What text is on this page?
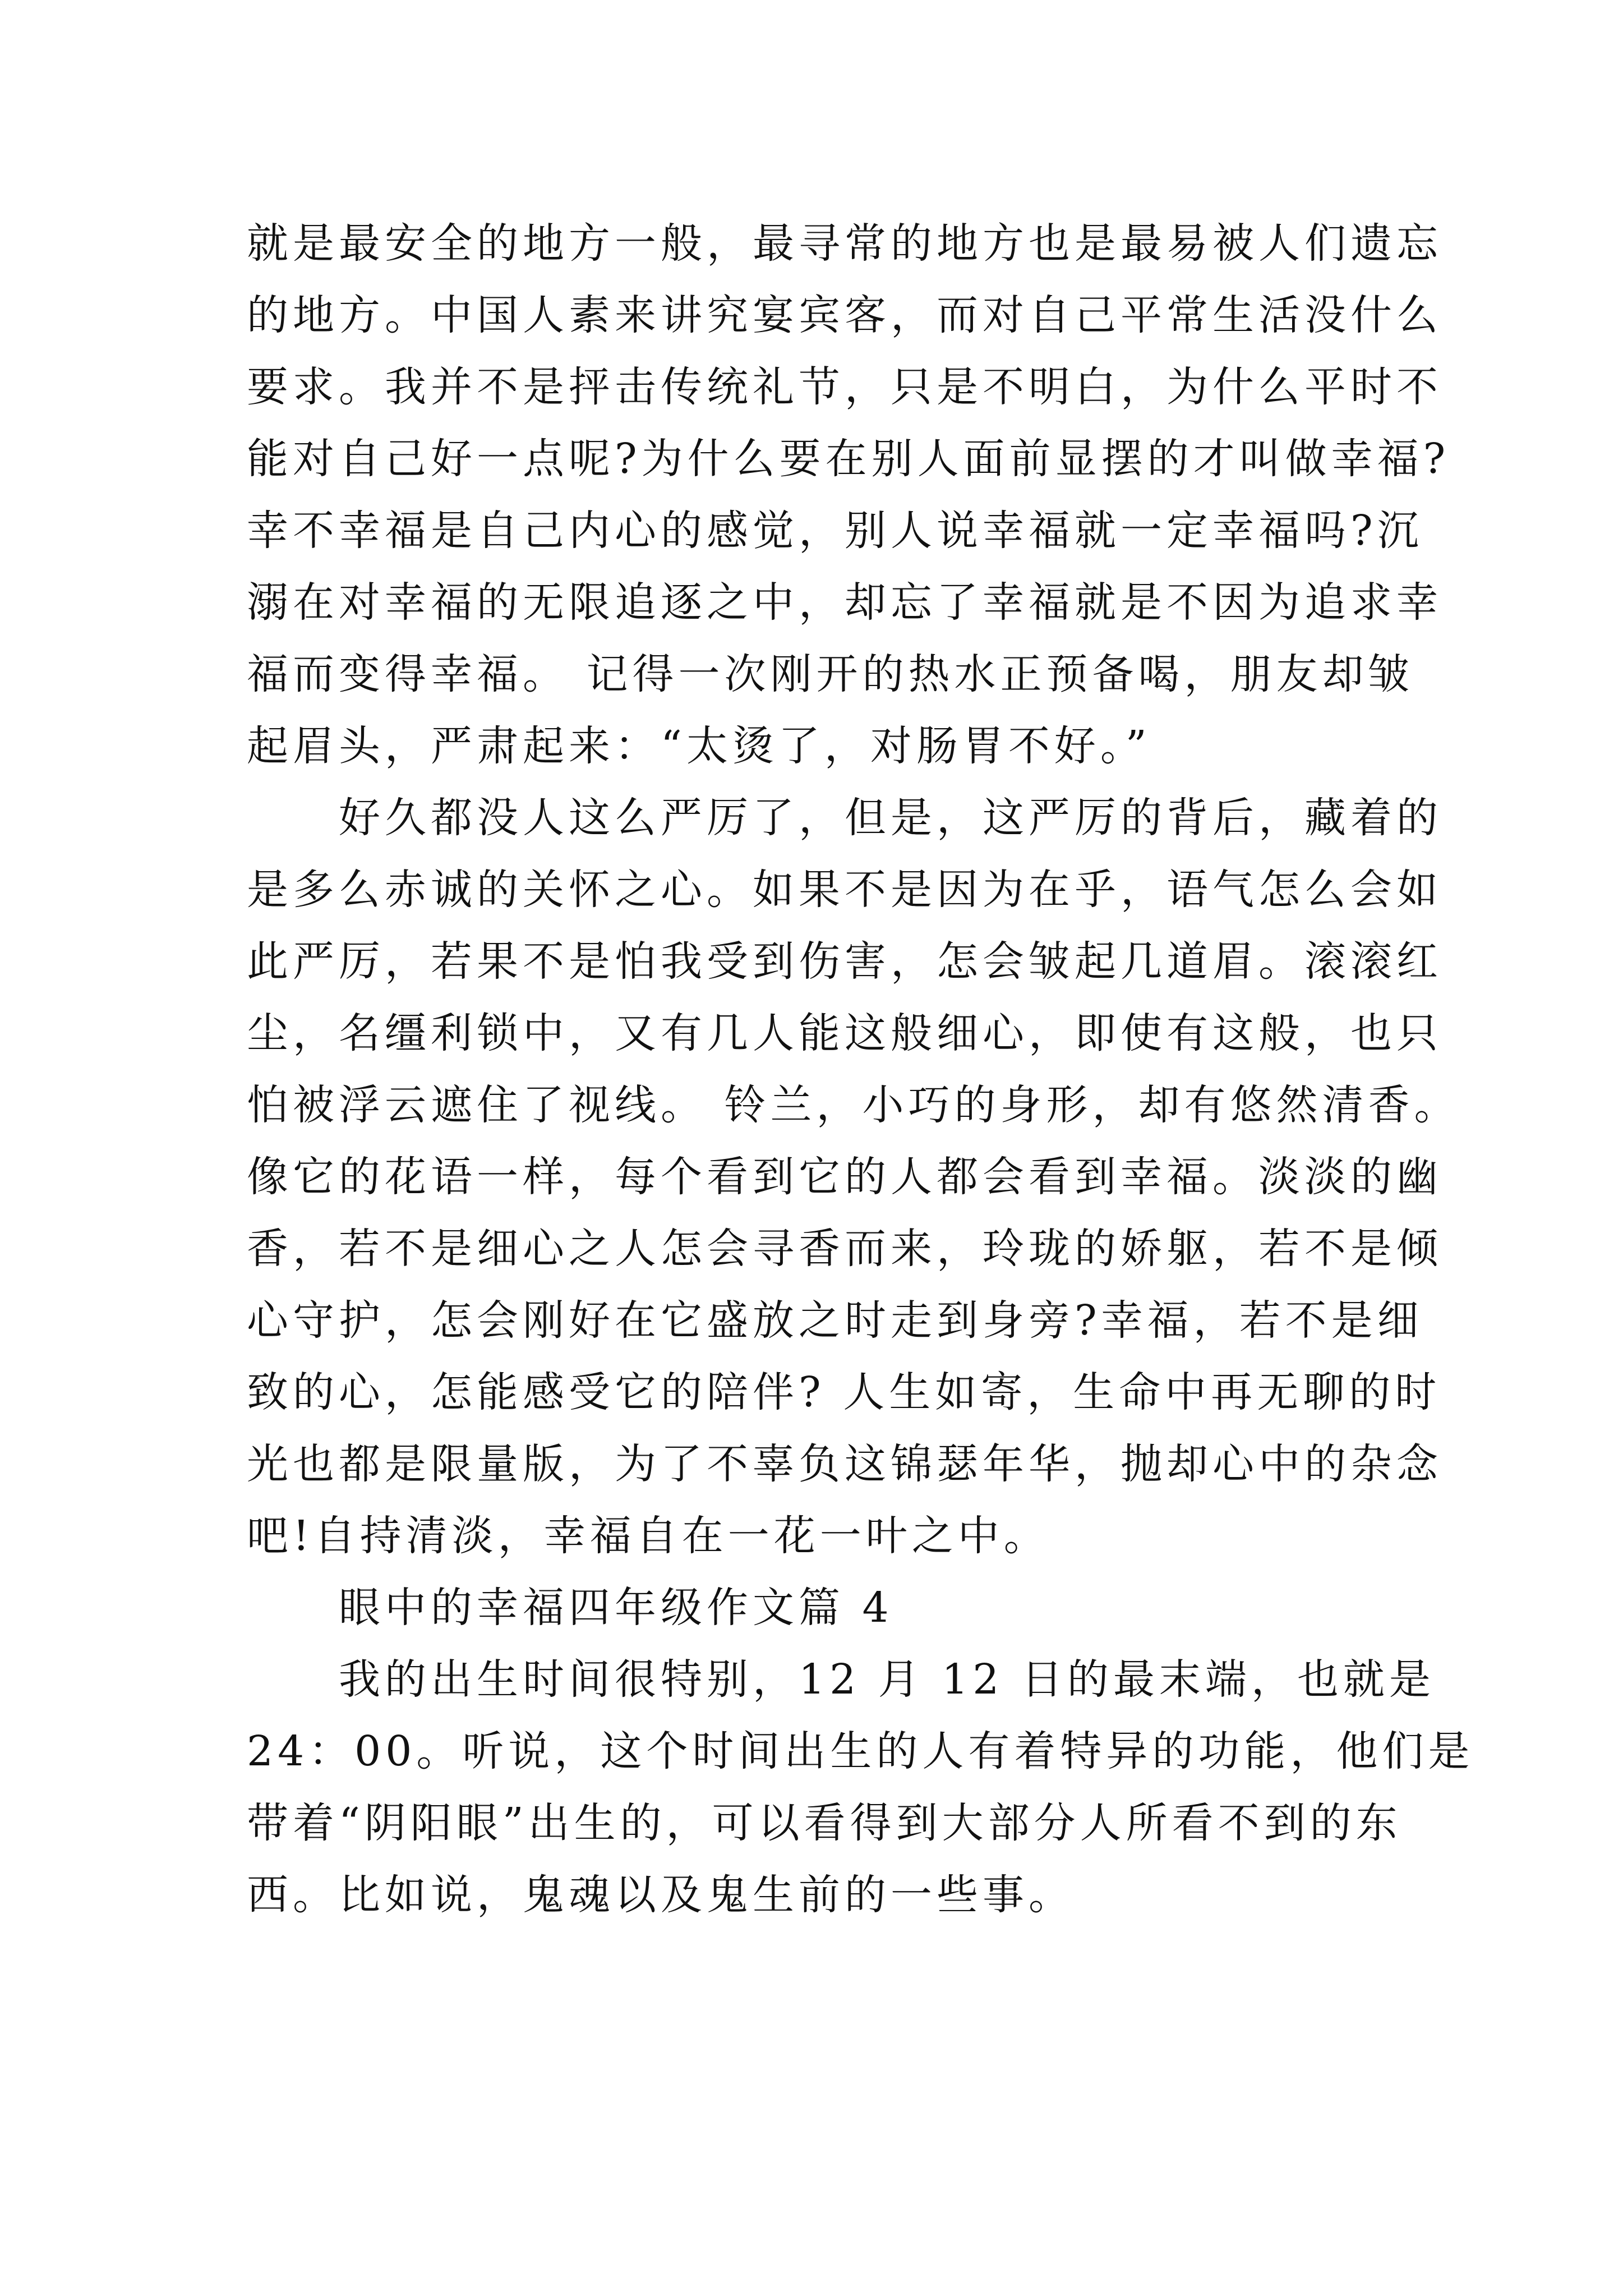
就是最安全的地方一般，最寻常的地方也是最易被人们遗忘
的地方。中国人素来讲究宴宾客，而对自己平常生活没什么
要求。我并不是抨击传统礼节，只是不明白，为什么平时不
能对自己好一点呢?为什么要在别人面前显摆的才叫做幸福?
幸不幸福是自己内心的感觉，别人说幸福就一定幸福吗?沉
溺在对幸福的无限追逐之中，却忘了幸福就是不因为追求幸
福而变得幸福。 记得一次刚开的热水正预备喝，朋友却皱
起眉头，严肃起来：“太烫了，对肠胃不好。”
　　好久都没人这么严厉了，但是，这严厉的背后，藏着的
是多么赤诚的关怀之心。如果不是因为在乎，语气怎么会如
此严厉，若果不是怕我受到伤害，怎会皱起几道眉。滚滚红
尘，名缰利锁中，又有几人能这般细心，即使有这般，也只
怕被浮云遮住了视线。 铃兰，小巧的身形，却有悠然清香。
像它的花语一样，每个看到它的人都会看到幸福。淡淡的幽
香，若不是细心之人怎会寻香而来，玲珑的娇躯，若不是倾
心守护，怎会刚好在它盛放之时走到身旁?幸福，若不是细
致的心，怎能感受它的陪伴? 人生如寄，生命中再无聊的时
光也都是限量版，为了不辜负这锦瑟年华，抛却心中的杂念
吧!自持清淡，幸福自在一花一叶之中。
　　眼中的幸福四年级作文篇 4
　　我的出生时间很特别，12 月 12 日的最末端，也就是
24：00。听说，这个时间出生的人有着特异的功能，他们是
带着“阴阳眼”出生的，可以看得到大部分人所看不到的东
西。比如说，鬼魂以及鬼生前的一些事。
